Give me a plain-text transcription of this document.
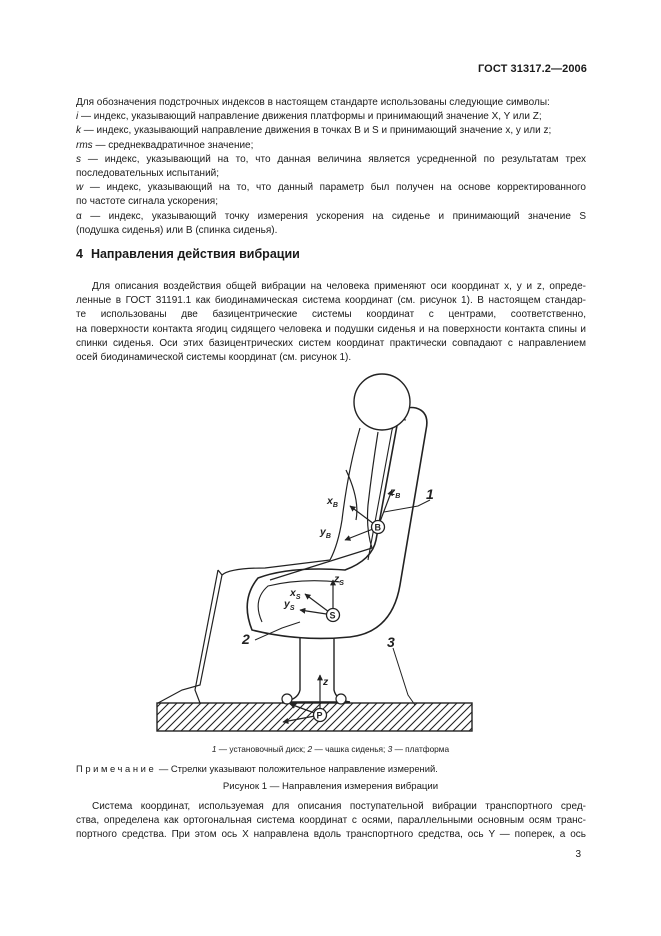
ГОСТ 31317.2—2006
Для обозначения подстрочных индексов в настоящем стандарте использованы следующие символы:
i — индекс, указывающий направление движения платформы и принимающий значение X, Y или Z;
k — индекс, указывающий направление движения в точках B и S и принимающий значение x, y или z;
rms — среднеквадратичное значение;
s — индекс, указывающий на то, что данная величина является усредненной по результатам трех
последовательных испытаний;
w — индекс, указывающий на то, что данный параметр был получен на основе корректированного
по частоте сигнала ускорения;
α — индекс, указывающий точку измерения ускорения на сиденье и принимающий значение S
(подушка сиденья) или B (спинка сиденья).
4 Направления действия вибрации
Для описания воздействия общей вибрации на человека применяют оси координат x, y и z, опреде-
ленные в ГОСТ 31191.1 как биодинамическая система координат (см. рисунок 1). В настоящем стандар-
те использованы две базицентрические системы координат с центрами, соответственно,
на поверхности контакта ягодиц сидящего человека и подушки сиденья и на поверхности контакта спины и
спинки сиденья. Оси этих базицентрических систем координат практически совпадают с направлением
осей биодинамической системы координат (см. рисунок 1).
1
2	3
B
$x_B$
$z_B$
$y_B$
S
$z_S$
$x_S$
$y_S$
P
z
1 — установочный диск; 2 — чашка сиденья; 3 — платформа
Примечание — Стрелки указывают положительное направление измерений.
Рисунок 1 — Направления измерения вибрации
Система координат, используемая для описания поступательной вибрации транспортного сред-
ства, определена как ортогональная система координат с осями, параллельными основным осям транс-
портного средства. При этом ось X направлена вдоль транспортного средства, ось Y — поперек, а ось
3
